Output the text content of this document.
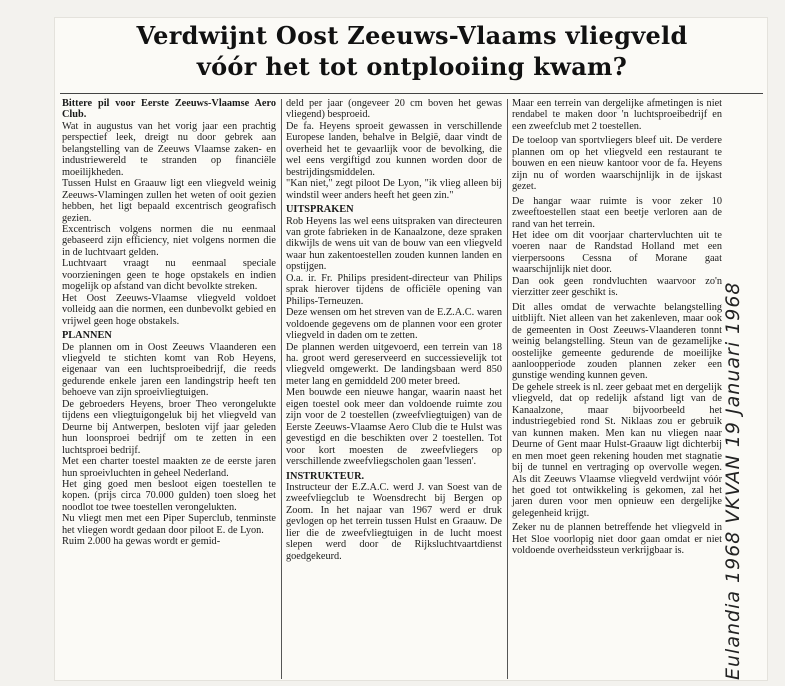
Verdwijnt Oost Zeeuws-Vlaams vliegveld
vóór het tot ontplooiing kwam?

Bittere pil voor Eerste Zeeuws-Vlaamse Aero Club.

Wat in augustus van het vorig jaar een prachtig perspectief leek, dreigt nu door gebrek aan belangstelling van de Zeeuws Vlaamse zaken- en industriewereld te stranden op financiële moeilijkheden.

Tussen Hulst en Graauw ligt een vliegveld weinig Zeeuws-Vlamingen zullen het weten of ooit gezien hebben, het ligt bepaald excentrisch geografisch gezien.

Excentrisch volgens normen die nu eenmaal gebaseerd zijn efficiency, niet volgens normen die in de luchtvaart gelden.

Luchtvaart vraagt nu eenmaal speciale voorzieningen geen te hoge opstakels en indien mogelijk op afstand van dicht bevolkte streken.

Het Oost Zeeuws-Vlaamse vliegveld voldoet volleidg aan die normen, een dunbevolkt gebied en vrijwel geen hoge obstakels.

PLANNEN

De plannen om in Oost Zeeuws Vlaanderen een vliegveld te stichten komt van Rob Heyens, eigenaar van een luchtsproeibedrijf, die reeds gedurende enkele jaren een landingstrip heeft ten behoeve van zijn sproeivliegtuigen.

De gebroeders Heyens, broer Theo verongelukte tijdens een vliegtuigongeluk bij het vliegveld van Deurne bij Antwerpen, besloten vijf jaar geleden hun loonsproei bedrijf om te zetten in een luchtsproei bedrijf.

Met een charter toestel maakten ze de eerste jaren hun sproeivluchten in geheel Nederland.

Het ging goed men besloot eigen toestellen te kopen. (prijs circa 70.000 gulden) toen sloeg het noodlot toe twee toestellen verongelukten.

Nu vliegt men met een Piper Superclub, tenminste het vliegen wordt gedaan door piloot E. de Lyon.

Ruim 2.000 ha gewas wordt er gemid-

deld per jaar (ongeveer 20 cm boven het gewas vliegend) besproeid.

De fa. Heyens sproeit gewassen in verschillende Europese landen, behalve in België, daar vindt de overheid het te gevaarlijk voor de bevolking, die wel eens vergiftigd zou kunnen worden door de bestrijdingsmiddelen.

"Kan niet," zegt piloot De Lyon, "ik vlieg alleen bij windstil weer anders heeft het geen zin."

UITSPRAKEN

Rob Heyens las wel eens uitspraken van directeuren van grote fabrieken in de Kanaalzone, deze spraken dikwijls de wens uit van de bouw van een vliegveld waar hun zakentoestellen zouden kunnen landen en opstijgen.

O.a. ir. Fr. Philips president-directeur van Philips sprak hierover tijdens de officiële opening van Philips-Terneuzen.

Deze wensen om het streven van de E.Z.A.C. waren voldoende gegevens om de plannen voor een groter vliegveld in daden om te zetten.

De plannen werden uitgevoerd, een terrein van 18 ha. groot werd gereserveerd en successievelijk tot vliegveld omgewerkt. De landingsbaan werd 850 meter lang en gemiddeld 200 meter breed.

Men bouwde een nieuwe hangar, waarin naast het eigen toestel ook meer dan voldoende ruimte zou zijn voor de 2 toestellen (zweefvliegtuigen) van de Eerste Zeeuws-Vlaamse Aero Club die te Hulst was gevestigd en die beschikten over 2 toestellen. Tot voor kort moesten de zweefvliegers op verschillende zweefvliegscholen gaan 'lessen'.

INSTRUKTEUR.

Instructeur der E.Z.A.C. werd J. van Soest van de zweefvliegclub te Woensdrecht bij Bergen op Zoom. In het najaar van 1967 werd er druk gevlogen op het terrein tussen Hulst en Graauw. De lier die de zweefvliegtuigen in de lucht moest slepen werd door de Rijksluchtvaartdienst goedgekeurd.

Maar een terrein van dergelijke afmetingen is niet rendabel te maken door 'n luchtsproeibedrijf en een zweefclub met 2 toestellen.

De toeloop van sportvliegers bleef uit. De verdere plannen om op het vliegveld een restaurant te bouwen en een nieuw kantoor voor de fa. Heyens zijn nu of worden waarschijnlijk in de ijskast gezet.

De hangar waar ruimte is voor zeker 10 zweeftoestellen staat een beetje verloren aan de rand van het terrein.

Het idee om dit voorjaar chartervluchten uit te voeren naar de Randstad Holland met een vierpersoons Cessna of Morane gaat waarschijnlijk niet door.

Dan ook geen rondvluchten waarvoor zo'n vierzitter zeer geschikt is.

Dit alles omdat de verwachte belangstelling uitblijft. Niet alleen van het zakenleven, maar ook de gemeenten in Oost Zeeuws-Vlaanderen tonnt weinig belangstelling. Steun van de gezamelijke oostelijke gemeente gedurende de moeilijke aanloopperiode zouden plannen zeker een gunstige wending kunnen geven.

De gehele streek is nl. zeer gebaat met en dergelijk vliegveld, dat op redelijk afstand ligt van de Kanaalzone, maar bijvoorbeeld het industriegebied rond St. Niklaas zou er gebruik van kunnen maken. Men kan nu vliegen naar Deurne of Gent maar Hulst-Graauw ligt dichterbij en men moet geen rekening houden met stagnatie bij de tunnel en vertraging op overvolle wegen. Als dit Zeeuws Vlaamse vliegveld verdwijnt vóór het goed tot ontwikkeling is gekomen, zal het jaren duren voor men opnieuw een dergelijke gelegenheid krijgt.

Zeker nu de plannen betreffende het vliegveld in Het Sloe voorlopig niet door gaan omdat er niet voldoende overheidssteun verkrijgbaar is.	Eulandia 1968 VKVAN 19 Januari 1968
